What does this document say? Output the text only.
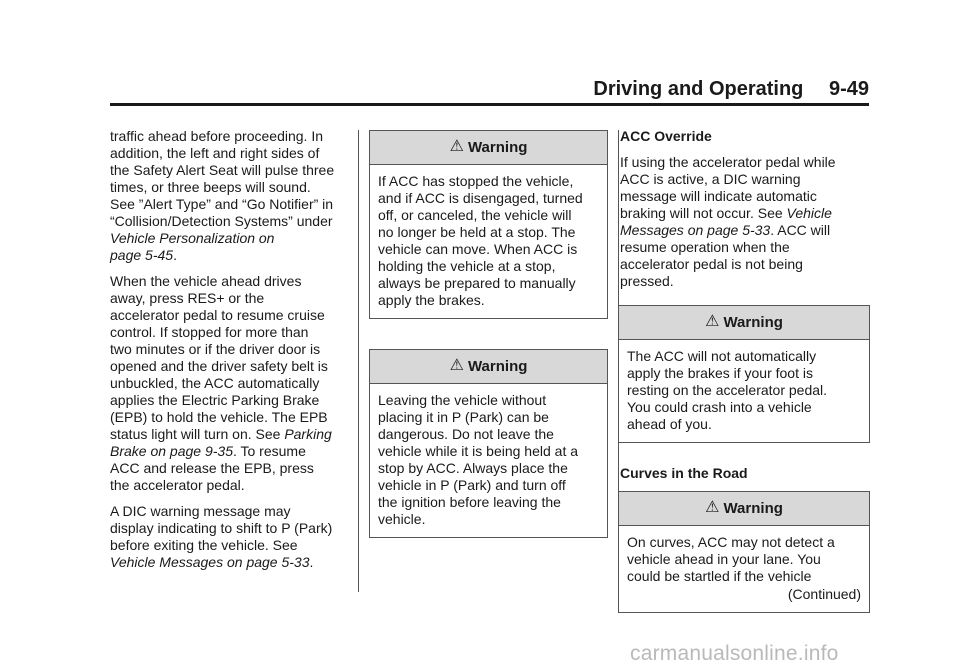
Driving and Operating 9-49

traffic ahead before proceeding. In
addition, the left and right sides of
the Safety Alert Seat will pulse three
times, or three beeps will sound.
See ”Alert Type” and “Go Notifier” in
“Collision/Detection Systems” under
Vehicle Personalization on
page 5-45.

When the vehicle ahead drives
away, press RES+ or the
accelerator pedal to resume cruise
control. If stopped for more than
two minutes or if the driver door is
opened and the driver safety belt is
unbuckled, the ACC automatically
applies the Electric Parking Brake
(EPB) to hold the vehicle. The EPB
status light will turn on. See Parking
Brake on page 9-35. To resume
ACC and release the EPB, press
the accelerator pedal.

A DIC warning message may
display indicating to shift to P (Park)
before exiting the vehicle. See
Vehicle Messages on page 5-33.

⚠ Warning
If ACC has stopped the vehicle,
and if ACC is disengaged, turned
off, or canceled, the vehicle will
no longer be held at a stop. The
vehicle can move. When ACC is
holding the vehicle at a stop,
always be prepared to manually
apply the brakes.
⚠ Warning
Leaving the vehicle without
placing it in P (Park) can be
dangerous. Do not leave the
vehicle while it is being held at a
stop by ACC. Always place the
vehicle in P (Park) and turn off
the ignition before leaving the
vehicle.
ACC Override

If using the accelerator pedal while
ACC is active, a DIC warning
message will indicate automatic
braking will not occur. See Vehicle
Messages on page 5-33. ACC will
resume operation when the
accelerator pedal is not being
pressed.

⚠ Warning
The ACC will not automatically
apply the brakes if your foot is
resting on the accelerator pedal.
You could crash into a vehicle
ahead of you.
Curves in the Road
⚠ Warning
On curves, ACC may not detect a
vehicle ahead in your lane. You
could be startled if the vehicle
(Continued)
carmanualsonline.info
